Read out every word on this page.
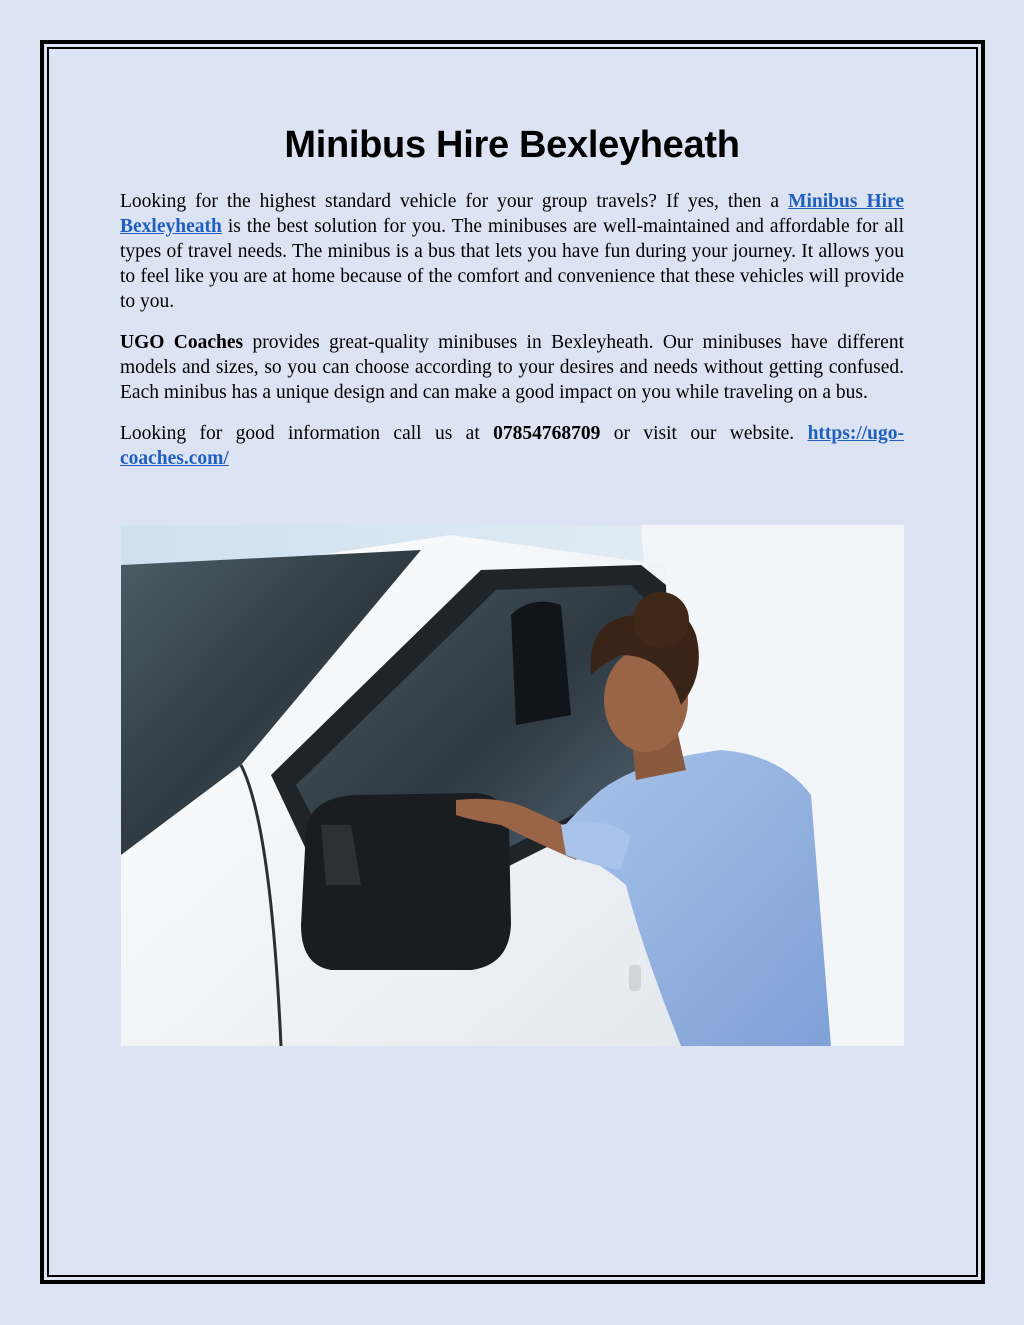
Minibus Hire Bexleyheath

Looking for the highest standard vehicle for your group travels? If yes, then a Minibus Hire Bexleyheath is the best solution for you. The minibuses are well-maintained and affordable for all types of travel needs. The minibus is a bus that lets you have fun during your journey. It allows you to feel like you are at home because of the comfort and convenience that these vehicles will provide to you.

UGO Coaches provides great-quality minibuses in Bexleyheath. Our minibuses have different models and sizes, so you can choose according to your desires and needs without getting confused. Each minibus has a unique design and can make a good impact on you while traveling on a bus.

Looking for good information call us at 07854768709 or visit our website. https://ugo-coaches.com/
